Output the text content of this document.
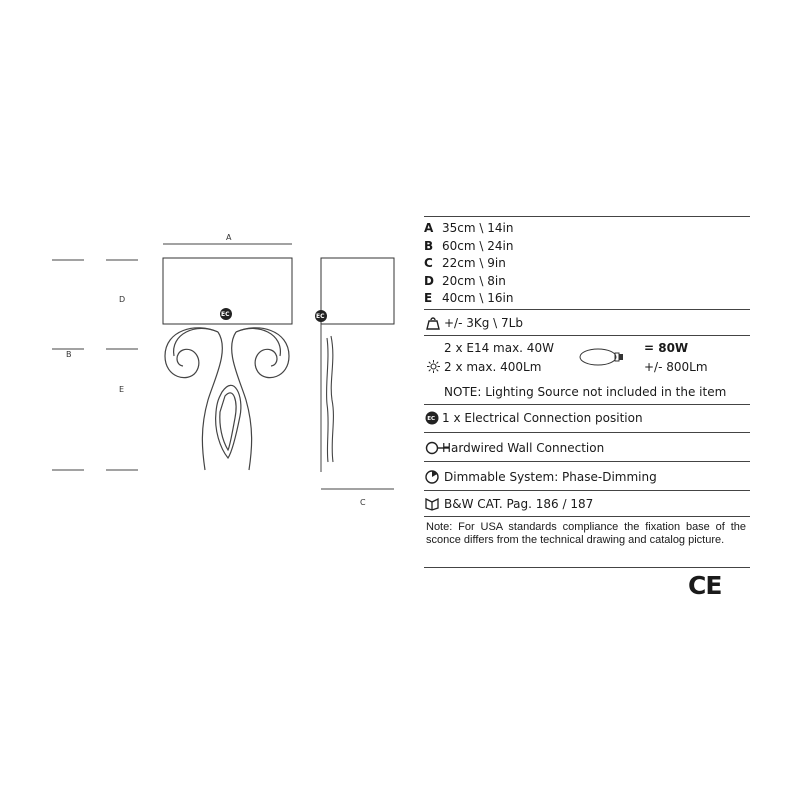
A
B
D
E
EC	EC
C
A 35cm \ 14in
B 60cm \ 24in
C 22cm \ 9in
D 20cm \ 8in
E 40cm \ 16in
+/- 3Kg \ 7Lb
2 x E14 max. 40W	= 80W
2 x max. 400Lm	+/- 800Lm
NOTE: Lighting Source not included in the item
EC 1 x Electrical Connection position
Hardwired Wall Connection
Dimmable System: Phase-Dimming
B&W CAT. Pag. 186 / 187
Note: For USA standards compliance the fixation base of the sconce differs from the technical drawing and catalog picture.
CE
